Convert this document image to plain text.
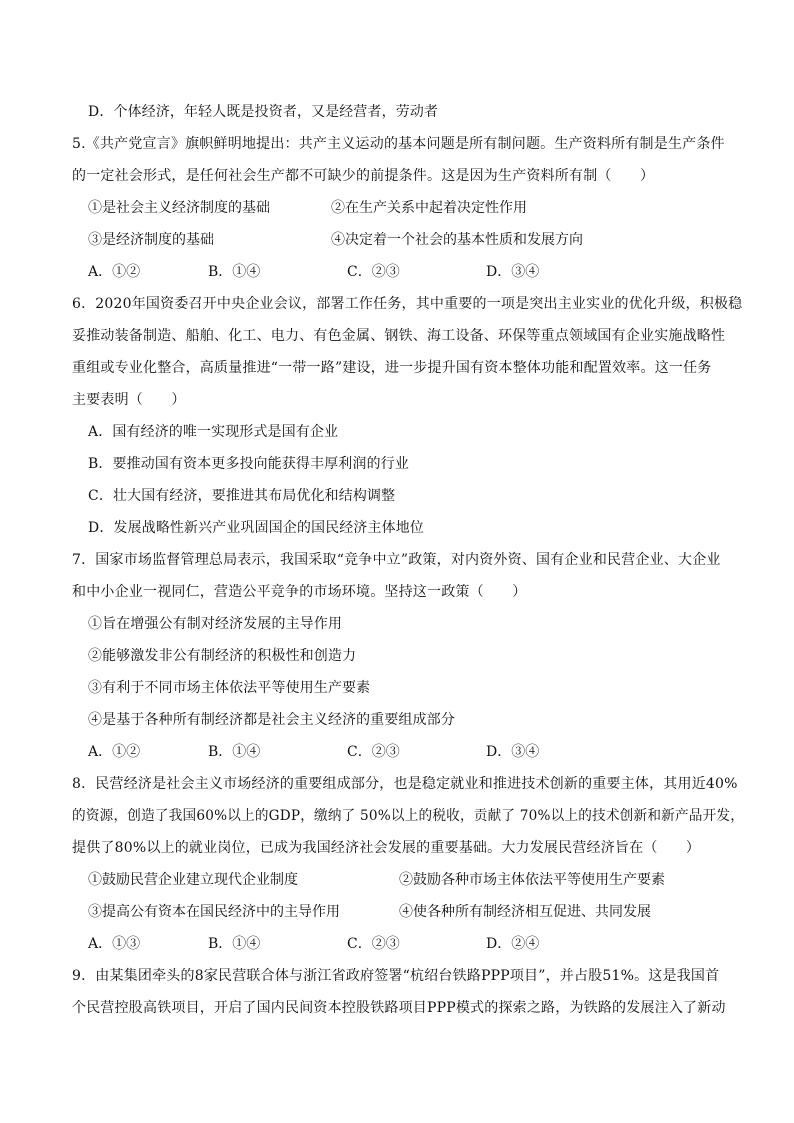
D．个体经济，年轻人既是投资者，又是经营者，劳动者
5.《共产党宣言》旗帜鲜明地提出：共产主义运动的基本问题是所有制问题。生产资料所有制是生产条件
的一定社会形式，是任何社会生产都不可缺少的前提条件。这是因为生产资料所有制（　　）
①是社会主义经济制度的基础	②在生产关系中起着决定性作用
③是经济制度的基础	④决定着一个社会的基本性质和发展方向
A．①②	B．①④	C．②③	D．③④
6．2020年国资委召开中央企业会议，部署工作任务，其中重要的一项是突出主业实业的优化升级，积极稳
妥推动装备制造、船舶、化工、电力、有色金属、钢铁、海工设备、环保等重点领域国有企业实施战略性
重组或专业化整合，高质量推进“一带一路”建设，进一步提升国有资本整体功能和配置效率。这一任务
主要表明（　　）
A．国有经济的唯一实现形式是国有企业
B．要推动国有资本更多投向能获得丰厚利润的行业
C．壮大国有经济，要推进其布局优化和结构调整
D．发展战略性新兴产业巩固国企的国民经济主体地位
7．国家市场监督管理总局表示，我国采取“竞争中立”政策，对内资外资、国有企业和民营企业、大企业
和中小企业一视同仁，营造公平竞争的市场环境。坚持这一政策（　　）
①旨在增强公有制对经济发展的主导作用
②能够激发非公有制经济的积极性和创造力
③有利于不同市场主体依法平等使用生产要素
④是基于各种所有制经济都是社会主义经济的重要组成部分
A．①②	B．①④	C．②③	D．③④
8．民营经济是社会主义市场经济的重要组成部分，也是稳定就业和推进技术创新的重要主体，其用近40%
的资源，创造了我国60%以上的GDP，缴纳了 50%以上的税收，贡献了 70%以上的技术创新和新产品开发，
提供了80%以上的就业岗位，已成为我国经济社会发展的重要基础。大力发展民营经济旨在（　　）
①鼓励民营企业建立现代企业制度	②鼓励各种市场主体依法平等使用生产要素
③提高公有资本在国民经济中的主导作用	④使各种所有制经济相互促进、共同发展
A．①③	B．①④	C．②③	D．②④
9．由某集团牵头的8家民营联合体与浙江省政府签署“杭绍台铁路PPP项目”，并占股51%。这是我国首
个民营控股高铁项目，开启了国内民间资本控股铁路项目PPP模式的探索之路，为铁路的发展注入了新动
